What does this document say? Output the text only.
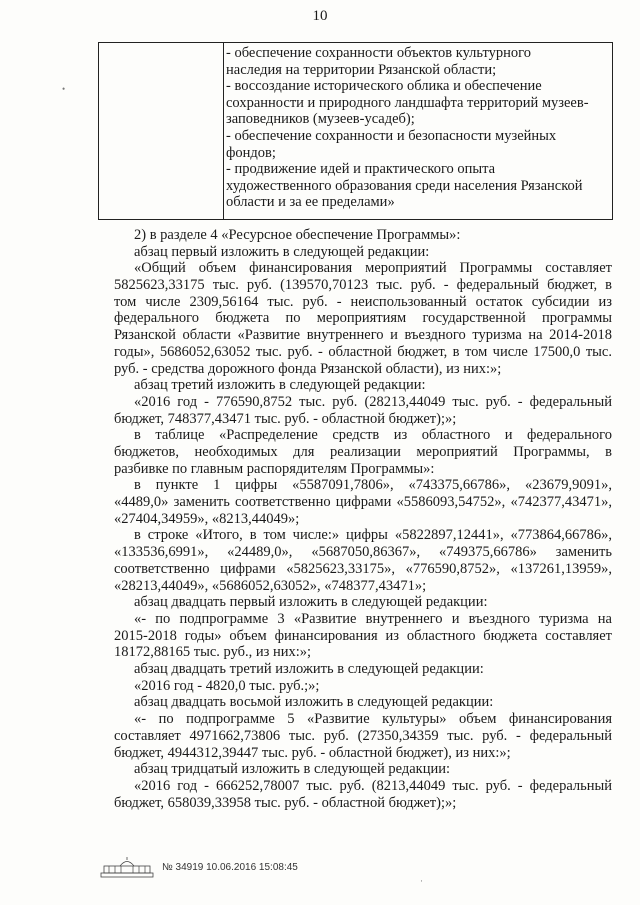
10
- обеспечение сохранности объектов культурного
наследия на территории Рязанской области;
- воссоздание исторического облика и обеспечение
сохранности и природного ландшафта территорий музеев-
заповедников (музеев-усадеб);
- обеспечение сохранности и безопасности музейных
фондов;
- продвижение идей и практического опыта
художественного образования среди населения Рязанской
области и за ее пределами»
2) в разделе 4 «Ресурсное обеспечение Программы»:
абзац первый изложить в следующей редакции:
«Общий объем финансирования мероприятий Программы составляет
5825623,33175 тыс. руб. (139570,70123 тыс. руб. - федеральный бюджет, в
том числе 2309,56164 тыс. руб. - неиспользованный остаток субсидии из
федерального бюджета по мероприятиям государственной программы
Рязанской области «Развитие внутреннего и въездного туризма на 2014-2018
годы», 5686052,63052 тыс. руб. - областной бюджет, в том числе 17500,0 тыс.
руб. - средства дорожного фонда Рязанской области), из них:»;
абзац третий изложить в следующей редакции:
«2016 год - 776590,8752 тыс. руб. (28213,44049 тыс. руб. - федеральный
бюджет, 748377,43471 тыс. руб. - областной бюджет);»;
в таблице «Распределение средств из областного и федерального
бюджетов, необходимых для реализации мероприятий Программы, в
разбивке по главным распорядителям Программы»:
в пункте 1 цифры «5587091,7806», «743375,66786», «23679,9091»,
«4489,0» заменить соответственно цифрами «5586093,54752», «742377,43471»,
«27404,34959», «8213,44049»;
в строке «Итого, в том числе:» цифры «5822897,12441», «773864,66786»,
«133536,6991», «24489,0», «5687050,86367», «749375,66786» заменить
соответственно цифрами «5825623,33175», «776590,8752», «137261,13959»,
«28213,44049», «5686052,63052», «748377,43471»;
абзац двадцать первый изложить в следующей редакции:
«- по подпрограмме 3 «Развитие внутреннего и въездного туризма на
2015-2018 годы» объем финансирования из областного бюджета составляет
18172,88165 тыс. руб., из них:»;
абзац двадцать третий изложить в следующей редакции:
«2016 год - 4820,0 тыс. руб.;»;
абзац двадцать восьмой изложить в следующей редакции:
«- по подпрограмме 5 «Развитие культуры» объем финансирования
составляет 4971662,73806 тыс. руб. (27350,34359 тыс. руб. - федеральный
бюджет, 4944312,39447 тыс. руб. - областной бюджет), из них:»;
абзац тридцатый изложить в следующей редакции:
«2016 год - 666252,78007 тыс. руб. (8213,44049 тыс. руб. - федеральный
бюджет, 658039,33958 тыс. руб. - областной бюджет);»;
№ 34919 10.06.2016 15:08:45
•
·
